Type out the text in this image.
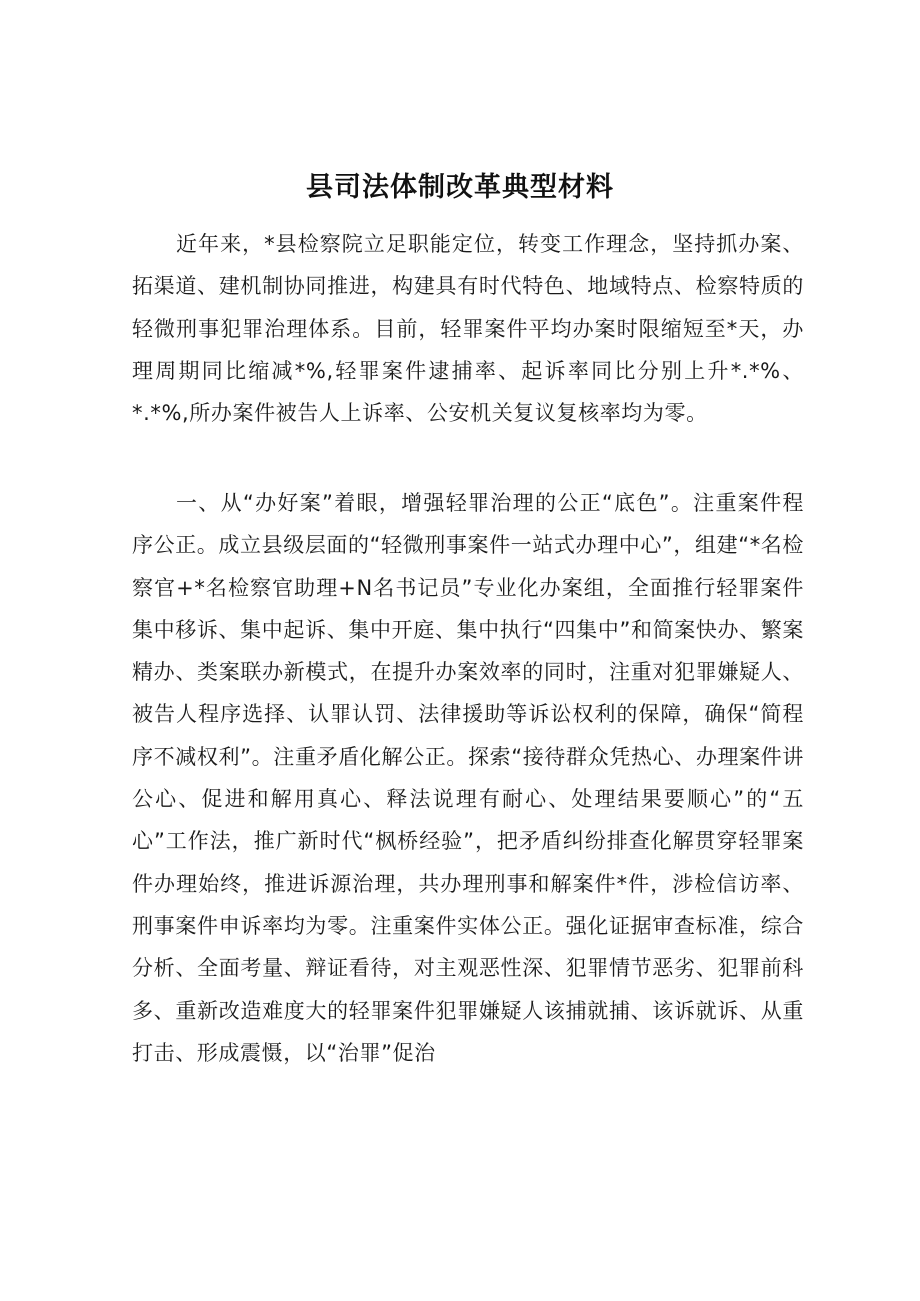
县司法体制改革典型材料

近年来，*县检察院立足职能定位，转变工作理念，坚持抓办案、拓渠道、建机制协同推进，构建具有时代特色、地域特点、检察特质的轻微刑事犯罪治理体系。目前，轻罪案件平均办案时限缩短至*天，办理周期同比缩减*%,轻罪案件逮捕率、起诉率同比分别上升*.*%、*.*%,所办案件被告人上诉率、公安机关复议复核率均为零。

一、从“办好案”着眼，增强轻罪治理的公正“底色”。注重案件程序公正。成立县级层面的“轻微刑事案件一站式办理中心”，组建“*名检察官+*名检察官助理+N名书记员”专业化办案组，全面推行轻罪案件集中移诉、集中起诉、集中开庭、集中执行“四集中”和简案快办、繁案精办、类案联办新模式，在提升办案效率的同时，注重对犯罪嫌疑人、被告人程序选择、认罪认罚、法律援助等诉讼权利的保障，确保“简程序不减权利”。注重矛盾化解公正。探索“接待群众凭热心、办理案件讲公心、促进和解用真心、释法说理有耐心、处理结果要顺心”的“五心”工作法，推广新时代“枫桥经验”，把矛盾纠纷排查化解贯穿轻罪案件办理始终，推进诉源治理，共办理刑事和解案件*件，涉检信访率、刑事案件申诉率均为零。注重案件实体公正。强化证据审查标准，综合分析、全面考量、辩证看待，对主观恶性深、犯罪情节恶劣、犯罪前科多、重新改造难度大的轻罪案件犯罪嫌疑人该捕就捕、该诉就诉、从重打击、形成震慑，以“治罪”促治
